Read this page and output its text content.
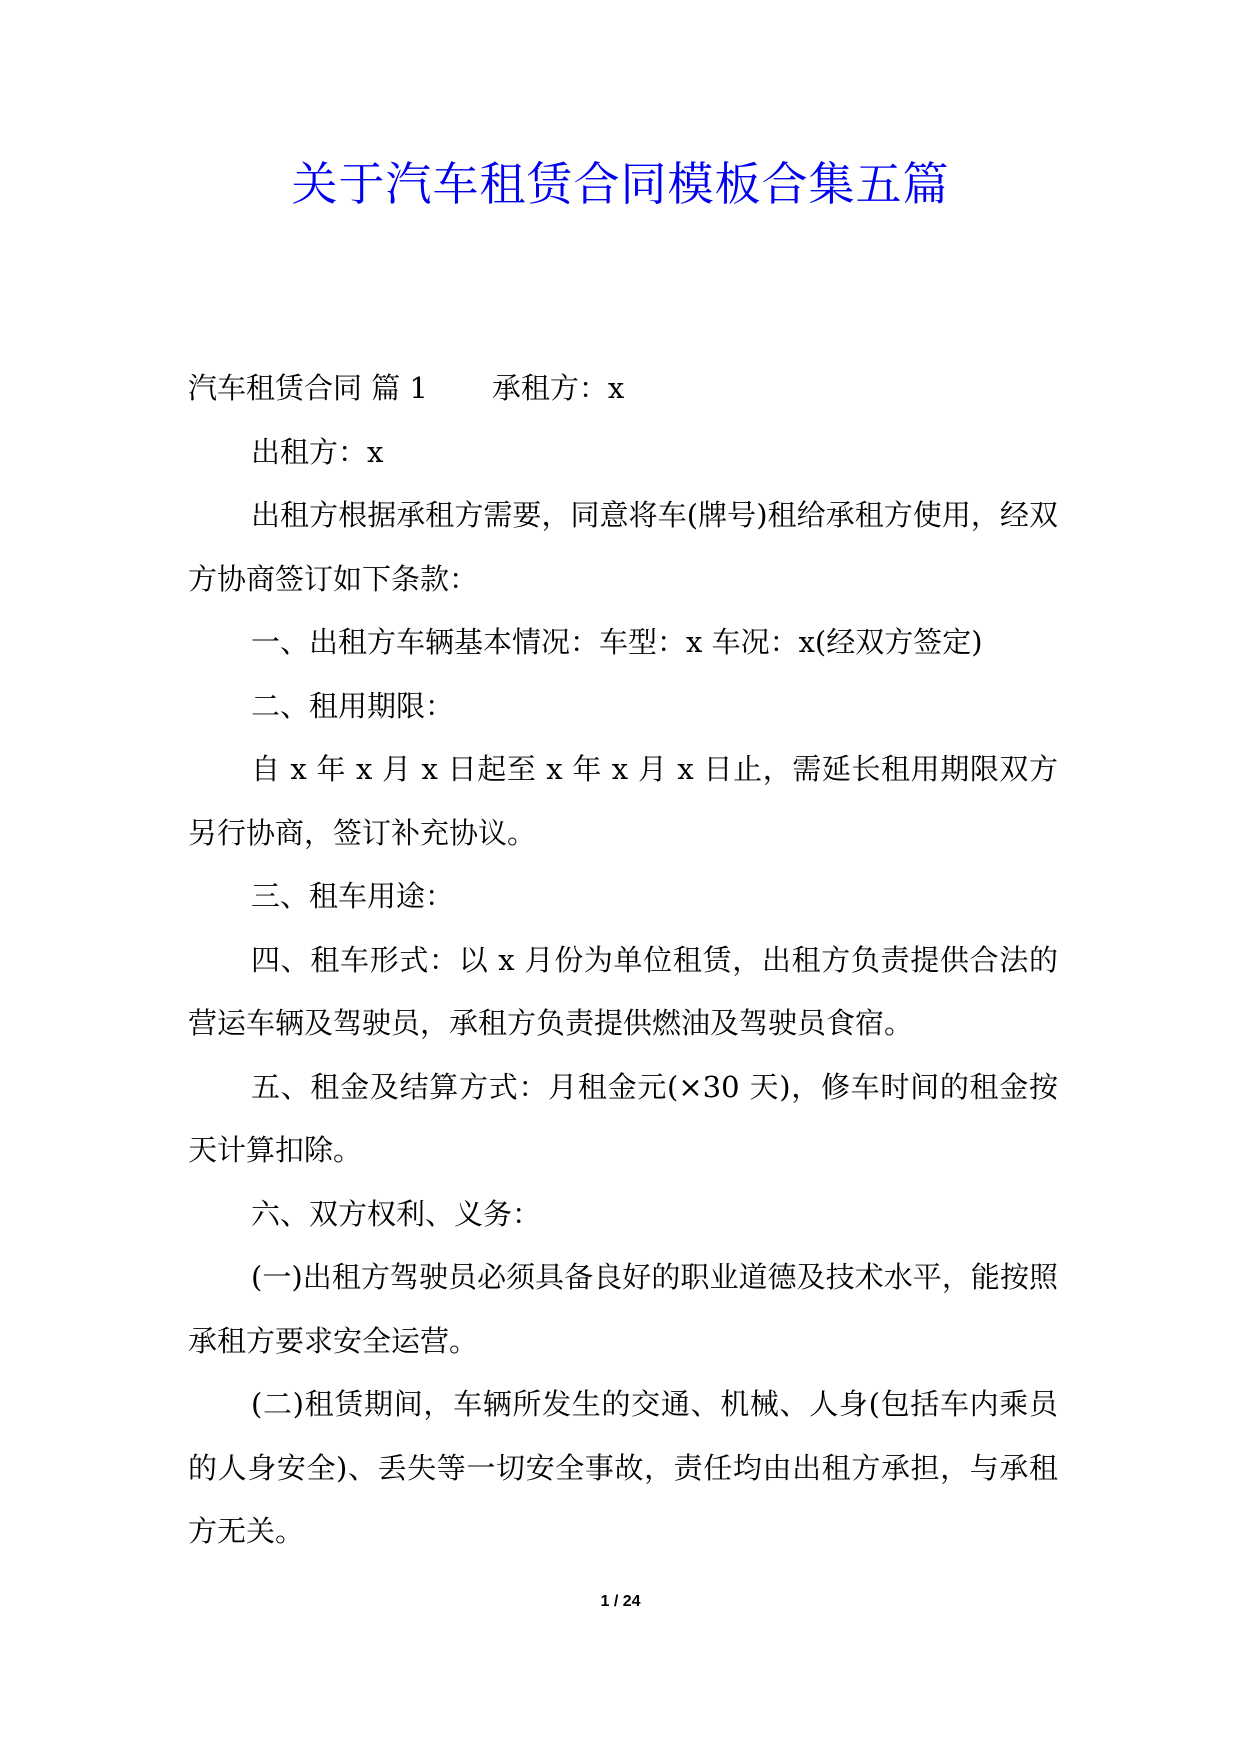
关于汽车租赁合同模板合集五篇

汽车租赁合同 篇 1 承租方：x

出租方：x

出租方根据承租方需要，同意将车(牌号)租给承租方使用，经双方协商签订如下条款：

一、出租方车辆基本情况：车型：x 车况：x(经双方签定)

二、租用期限：

自 x 年 x 月 x 日起至 x 年 x 月 x 日止，需延长租用期限双方另行协商，签订补充协议。

三、租车用途：

四、租车形式：以 x 月份为单位租赁，出租方负责提供合法的营运车辆及驾驶员，承租方负责提供燃油及驾驶员食宿。

五、租金及结算方式：月租金元(×30 天)，修车时间的租金按天计算扣除。

六、双方权利、义务：

(一)出租方驾驶员必须具备良好的职业道德及技术水平，能按照承租方要求安全运营。

(二)租赁期间，车辆所发生的交通、机械、人身(包括车内乘员的人身安全)、丢失等一切安全事故，责任均由出租方承担，与承租方无关。

1 / 24
